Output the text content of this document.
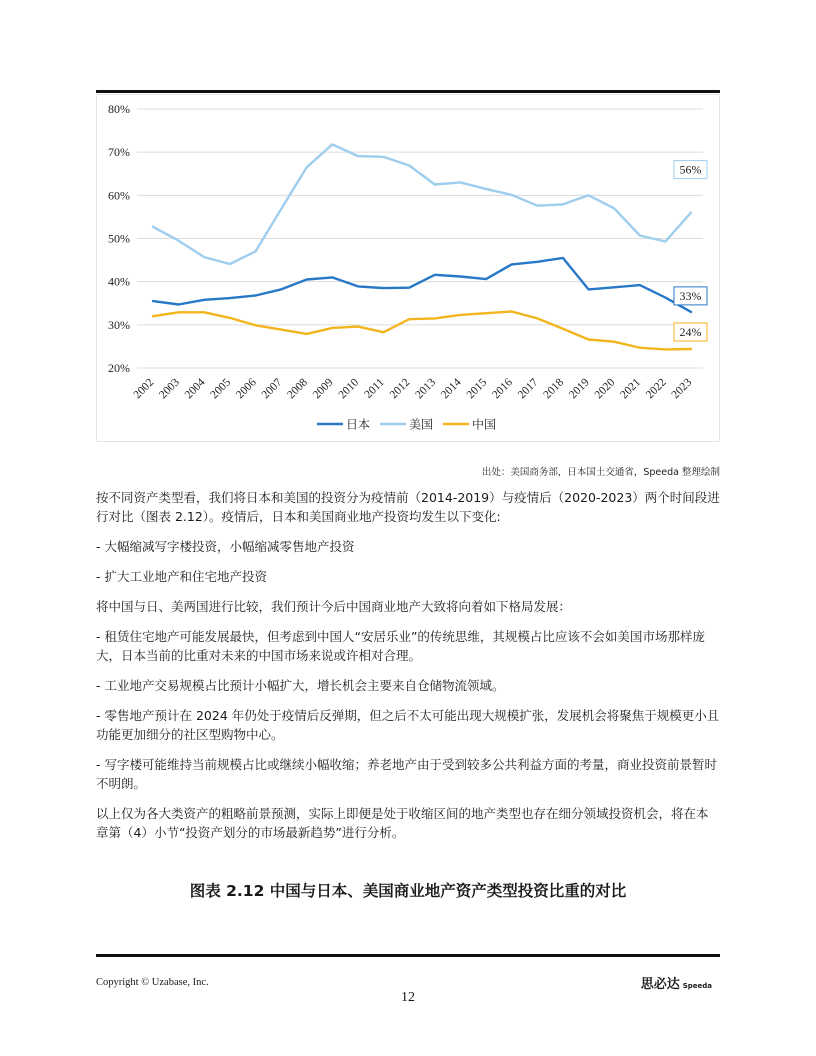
80%
70%
60%
50%
40%
30%
20%
2002 2003 2004 2005 2006 2007 2008 2009 2010 2011 2012 2013 2014 2015 2016 2017 2018 2019 2020 2021 2022 2023
33%
56%
24%
日本	美国	中国
出处：美国商务部，日本国土交通省，Speeda 整理绘制

按不同资产类型看，我们将日本和美国的投资分为疫情前（2014-2019）与疫情后（2020-2023）两个时间段进行对比（图表 2.12）。疫情后，日本和美国商业地产投资均发生以下变化:

- 大幅缩减写字楼投资，小幅缩减零售地产投资

- 扩大工业地产和住宅地产投资

将中国与日、美两国进行比较，我们预计今后中国商业地产大致将向着如下格局发展：

- 租赁住宅地产可能发展最快，但考虑到中国人“安居乐业”的传统思维，其规模占比应该不会如美国市场那样庞大，日本当前的比重对未来的中国市场来说或许相对合理。

- 工业地产交易规模占比预计小幅扩大，增长机会主要来自仓储物流领域。

- 零售地产预计在 2024 年仍处于疫情后反弹期，但之后不太可能出现大规模扩张，发展机会将聚焦于规模更小且功能更加细分的社区型购物中心。

- 写字楼可能维持当前规模占比或继续小幅收缩；养老地产由于受到较多公共利益方面的考量，商业投资前景暂时不明朗。

以上仅为各大类资产的粗略前景预测，实际上即便是处于收缩区间的地产类型也存在细分领域投资机会，将在本章第（4）小节“投资产划分的市场最新趋势”进行分析。

图表 2.12 中国与日本、美国商业地产资产类型投资比重的对比
Copyright © Uzabase, Inc.	思必达 Speeda
12
